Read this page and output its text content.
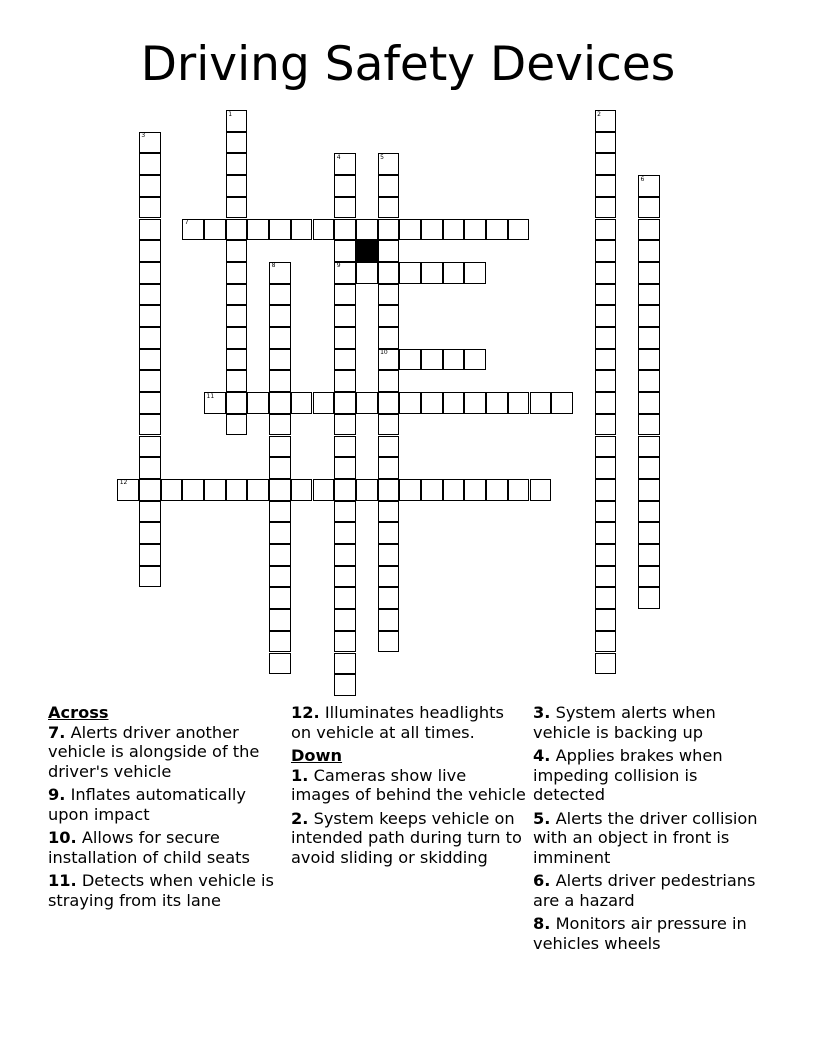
Driving Safety Devices
1	2
3
4
9
5
10
6
7
8
11
12
Across
7. Alerts driver another vehicle is alongside of the driver's vehicle
9. Inflates automatically upon impact
10. Allows for secure installation of child seats
11. Detects when vehicle is straying from its lane
12. Illuminates headlights on vehicle at all times.
Down
1. Cameras show live images of behind the vehicle
2. System keeps vehicle on intended path during turn to avoid sliding or skidding
3. System alerts when vehicle is backing up
4. Applies brakes when impeding collision is detected
5. Alerts the driver collision with an object in front is imminent
6. Alerts driver pedestrians are a hazard
8. Monitors air pressure in vehicles wheels
